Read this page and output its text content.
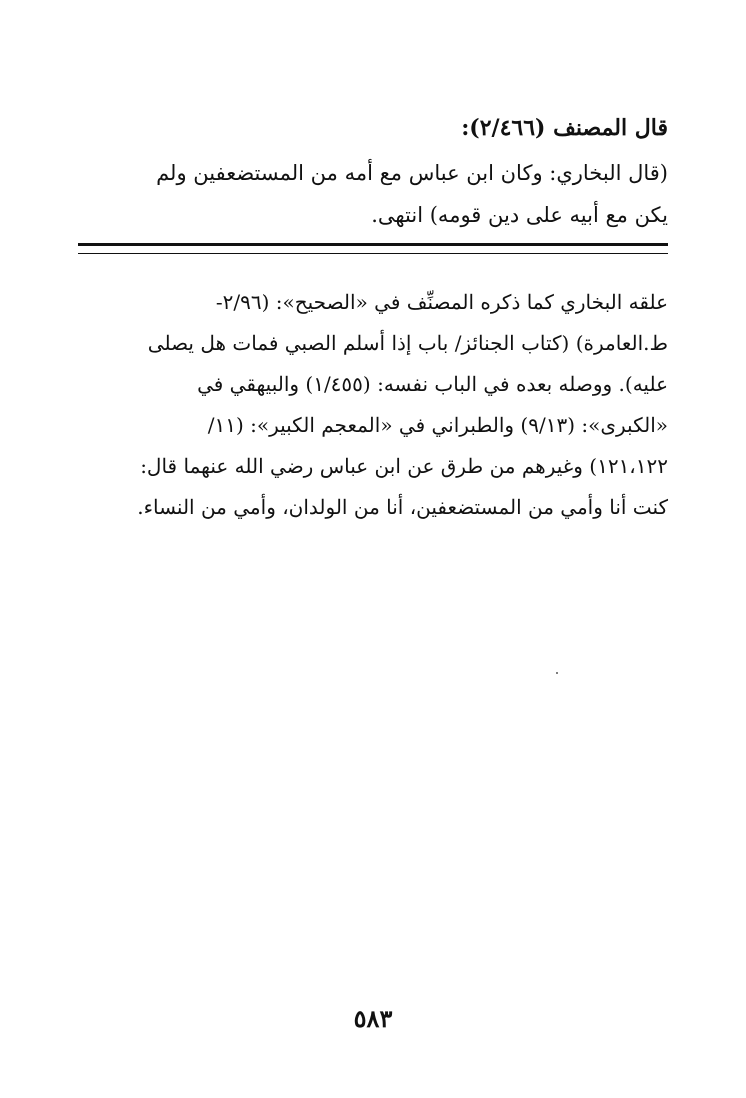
قال المصنف (٢/٤٦٦):
(قال البخاري: وكان ابن عباس مع أمه من المستضعفين ولم
يكن مع أبيه على دين قومه) انتهى.
علقه البخاري كما ذكره المصنِّف في «الصحيح»: (٢/٩٦-
ط.العامرة) (كتاب الجنائز/ باب إذا أسلم الصبي فمات هل يصلى
عليه). ووصله بعده في الباب نفسه: (١/٤٥٥) والبيهقي في
«الكبرى»: (٩/١٣) والطبراني في «المعجم الكبير»: (١١/
١٢١،١٢٢) وغيرهم من طرق عن ابن عباس رضي الله عنهما قال:
كنت أنا وأمي من المستضعفين، أنا من الولدان، وأمي من النساء.
٥٨٣
